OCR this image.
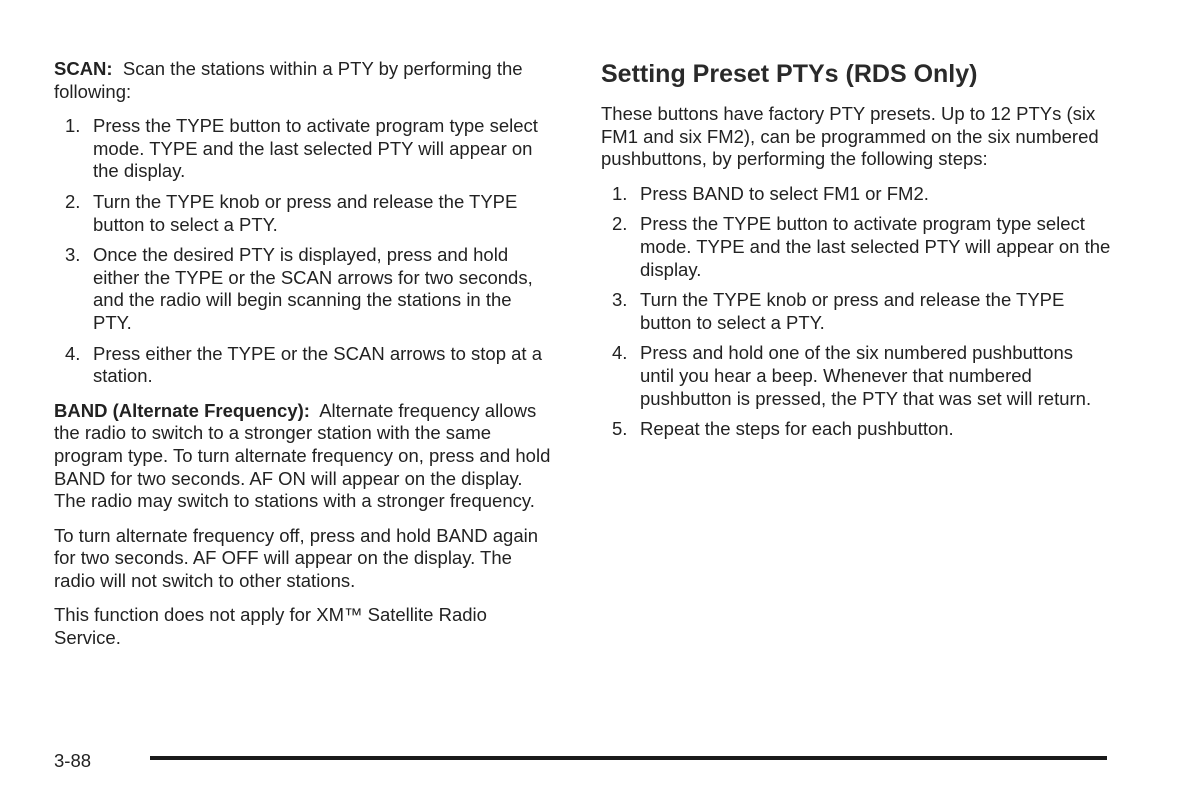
SCAN: Scan the stations within a PTY by performing the following:

1. Press the TYPE button to activate program type select mode. TYPE and the last selected PTY will appear on the display.
2. Turn the TYPE knob or press and release the TYPE button to select a PTY.
3. Once the desired PTY is displayed, press and hold either the TYPE or the SCAN arrows for two seconds, and the radio will begin scanning the stations in the PTY.
4. Press either the TYPE or the SCAN arrows to stop at a station.

BAND (Alternate Frequency): Alternate frequency allows the radio to switch to a stronger station with the same program type. To turn alternate frequency on, press and hold BAND for two seconds. AF ON will appear on the display. The radio may switch to stations with a stronger frequency.

To turn alternate frequency off, press and hold BAND again for two seconds. AF OFF will appear on the display. The radio will not switch to other stations.

This function does not apply for XM™ Satellite Radio Service.

Setting Preset PTYs (RDS Only)

These buttons have factory PTY presets. Up to 12 PTYs (six FM1 and six FM2), can be programmed on the six numbered pushbuttons, by performing the following steps:

1. Press BAND to select FM1 or FM2.
2. Press the TYPE button to activate program type select mode. TYPE and the last selected PTY will appear on the display.
3. Turn the TYPE knob or press and release the TYPE button to select a PTY.
4. Press and hold one of the six numbered pushbuttons until you hear a beep. Whenever that numbered pushbutton is pressed, the PTY that was set will return.
5. Repeat the steps for each pushbutton.
3-88
